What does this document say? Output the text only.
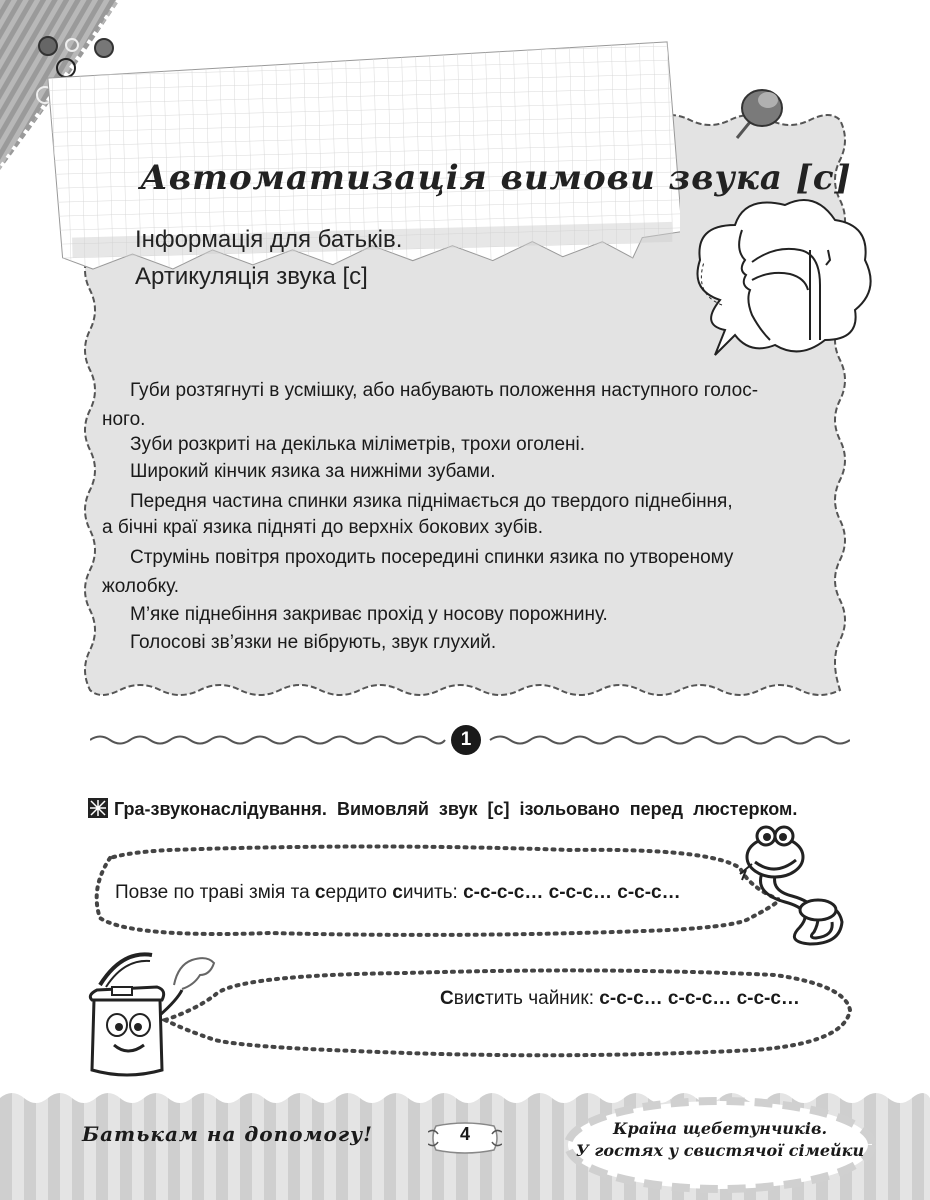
Автоматизація вимови звука [с]
Інформація для батьків.
Артикуляція звука [с]
Губи розтягнуті в усмішку, або набувають положення наступного голос-
ного.
Зуби розкриті на декілька міліметрів, трохи оголені.
Широкий кінчик язика за нижніми зубами.
Передня частина спинки язика піднімається до твердого піднебіння,
а бічні краї язика підняті до верхніх бокових зубів.
Струмінь повітря проходить посередині спинки язика по утвореному
жолобку.
М’яке піднебіння закриває прохід у носову порожнину.
Голосові зв’язки не вібрують, звук глухий.
1
Гра-звуконаслідування. Вимовляй звук [с] ізольовано перед люстерком.
Повзе по траві змія та сердито сичить: с-с-с-с… с-с-с… с-с-с…
Свистить чайник: с-с-с… с-с-с… с-с-с…
Батькам на допомогу!	4	Країна щебетунчиків.
У гостях у свистячої сімейки
